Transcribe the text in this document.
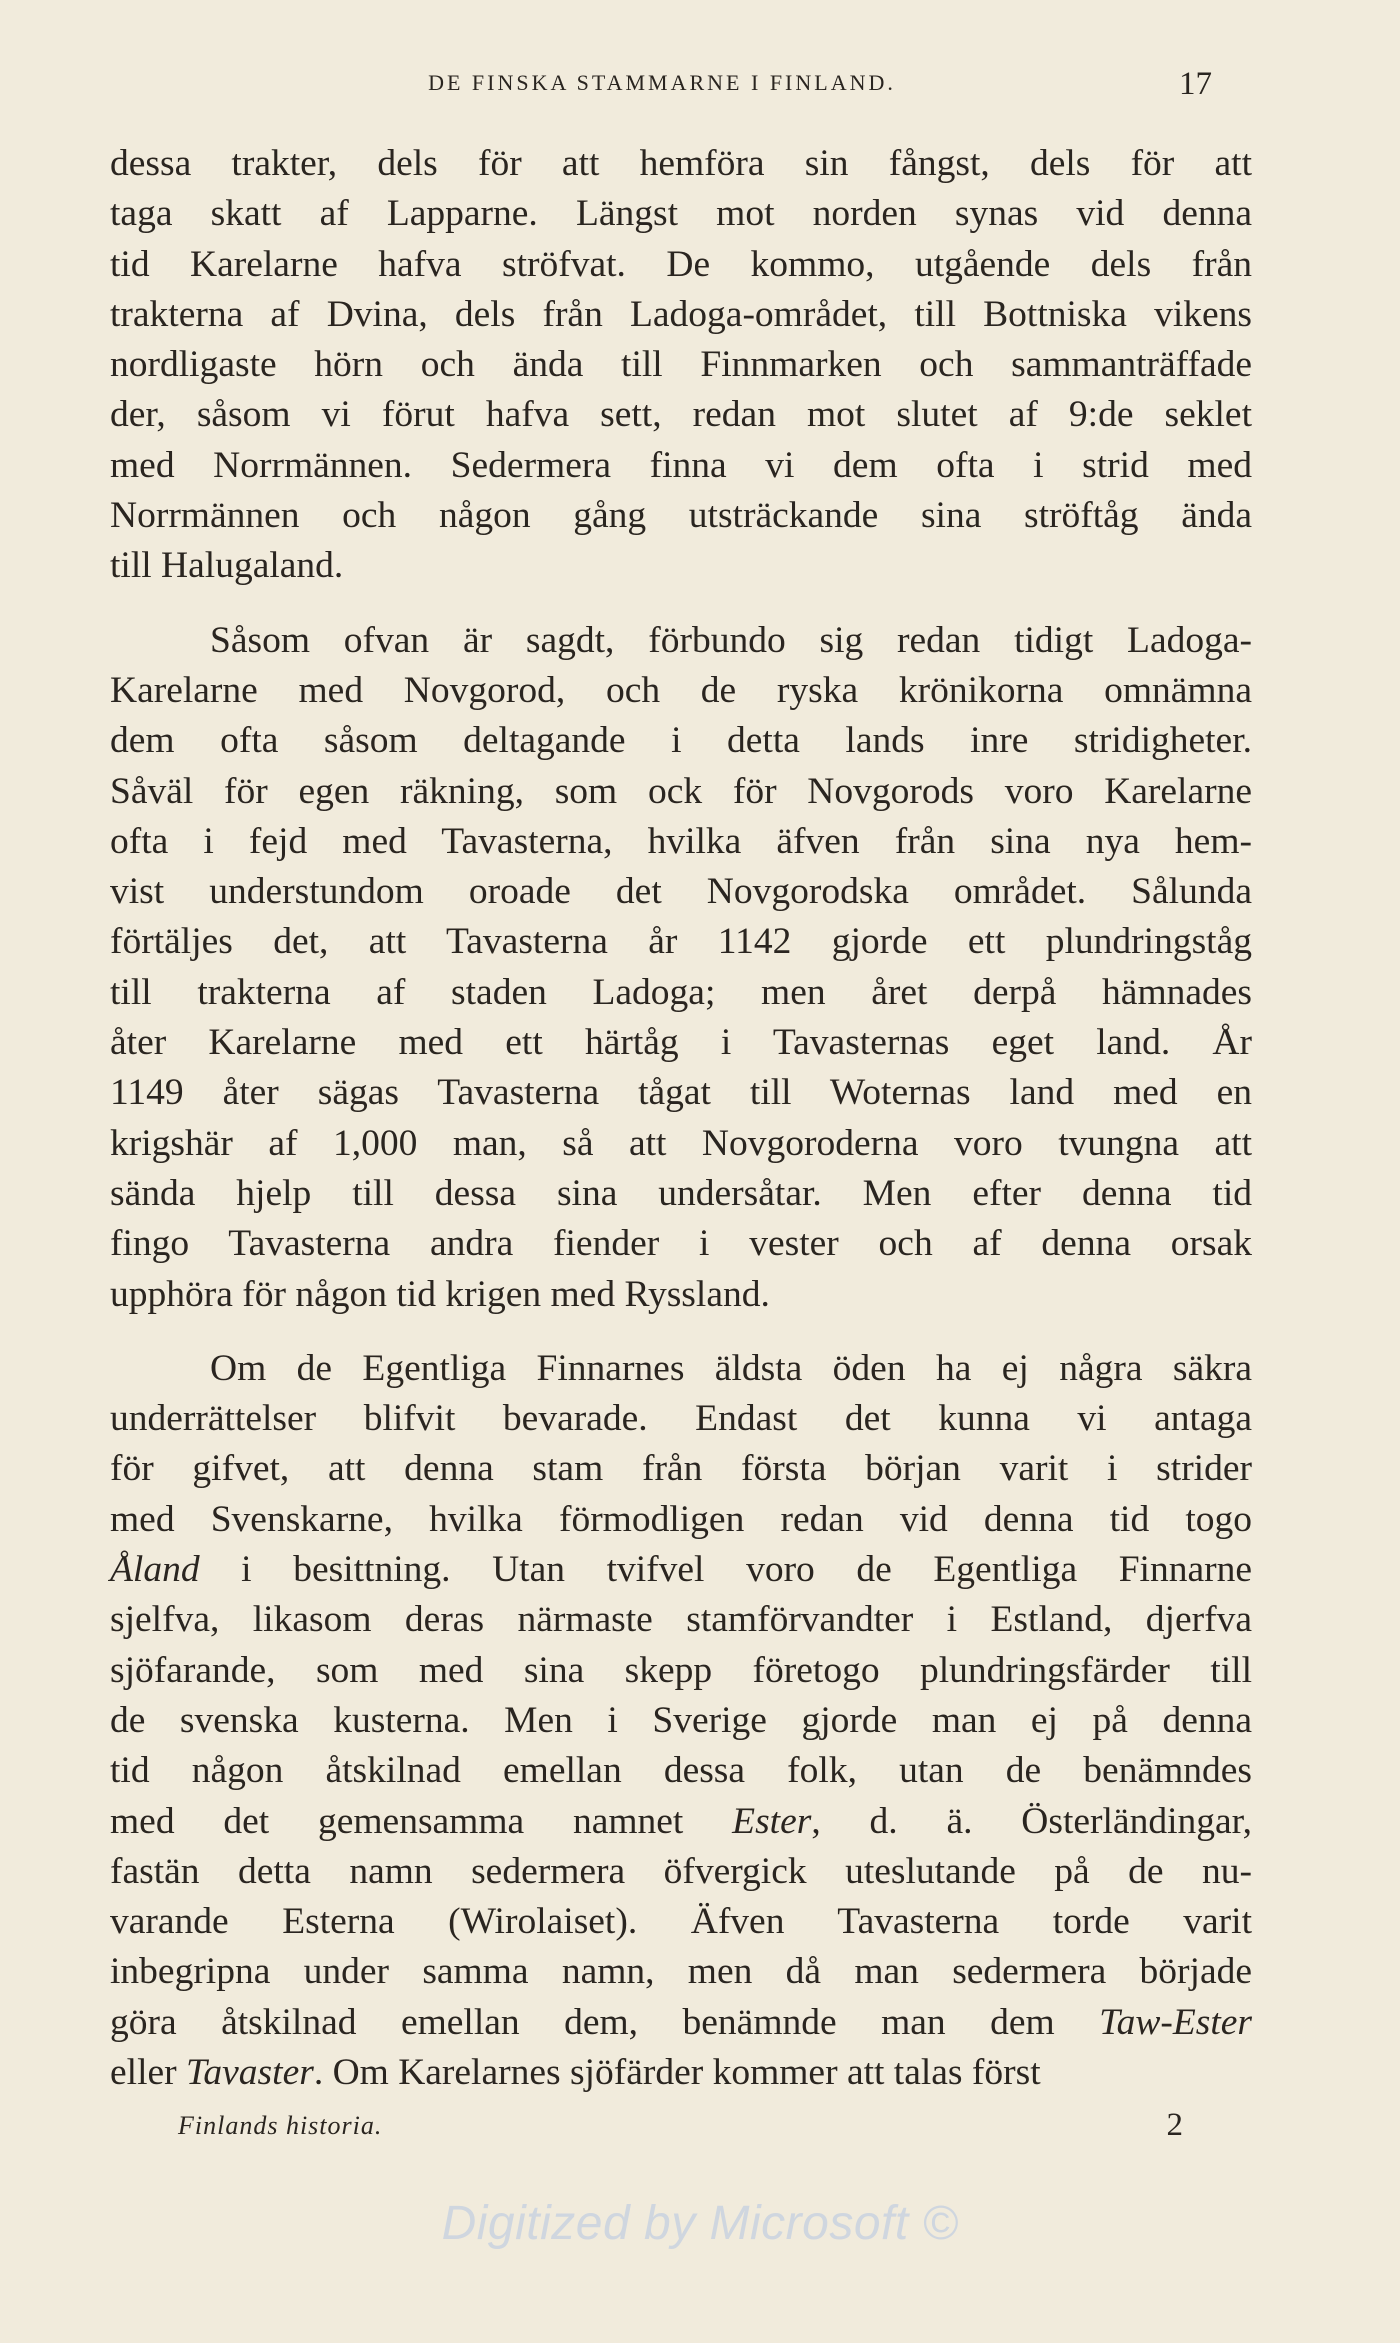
DE FINSKA STAMMARNE I FINLAND.	17

dessa trakter, dels för att hemföra sin fångst, dels för att

taga skatt af Lapparne. Längst mot norden synas vid denna

tid Karelarne hafva ströfvat. De kommo, utgående dels från

trakterna af Dvina, dels från Ladoga-området, till Bottniska vikens

nordligaste hörn och ända till Finnmarken och sammanträffade

der, såsom vi förut hafva sett, redan mot slutet af 9:de seklet

med Norrmännen. Sedermera finna vi dem ofta i strid med

Norrmännen och någon gång utsträckande sina ströftåg ända

till Halugaland.

Såsom ofvan är sagdt, förbundo sig redan tidigt Ladoga-

Karelarne med Novgorod, och de ryska krönikorna omnämna

dem ofta såsom deltagande i detta lands inre stridigheter.

Såväl för egen räkning, som ock för Novgorods voro Karelarne

ofta i fejd med Tavasterna, hvilka äfven från sina nya hem-

vist understundom oroade det Novgorodska området. Sålunda

förtäljes det, att Tavasterna år 1142 gjorde ett plundringståg

till trakterna af staden Ladoga; men året derpå hämnades

åter Karelarne med ett härtåg i Tavasternas eget land. År

1149 åter sägas Tavasterna tågat till Woternas land med en

krigshär af 1,000 man, så att Novgoroderna voro tvungna att

sända hjelp till dessa sina undersåtar. Men efter denna tid

fingo Tavasterna andra fiender i vester och af denna orsak

upphöra för någon tid krigen med Ryssland.

Om de Egentliga Finnarnes äldsta öden ha ej några säkra

underrättelser blifvit bevarade. Endast det kunna vi antaga

för gifvet, att denna stam från första början varit i strider

med Svenskarne, hvilka förmodligen redan vid denna tid togo

Åland i besittning. Utan tvifvel voro de Egentliga Finnarne

sjelfva, likasom deras närmaste stamförvandter i Estland, djerfva

sjöfarande, som med sina skepp företogo plundringsfärder till

de svenska kusterna. Men i Sverige gjorde man ej på denna

tid någon åtskilnad emellan dessa folk, utan de benämndes

med det gemensamma namnet Ester, d. ä. Österländingar,

fastän detta namn sedermera öfvergick uteslutande på de nu-

varande Esterna (Wirolaiset). Äfven Tavasterna torde varit

inbegripna under samma namn, men då man sedermera började

göra åtskilnad emellan dem, benämnde man dem Taw-Ester

eller Tavaster. Om Karelarnes sjöfärder kommer att talas först

Finlands historia.	2
Digitized by Microsoft ©
